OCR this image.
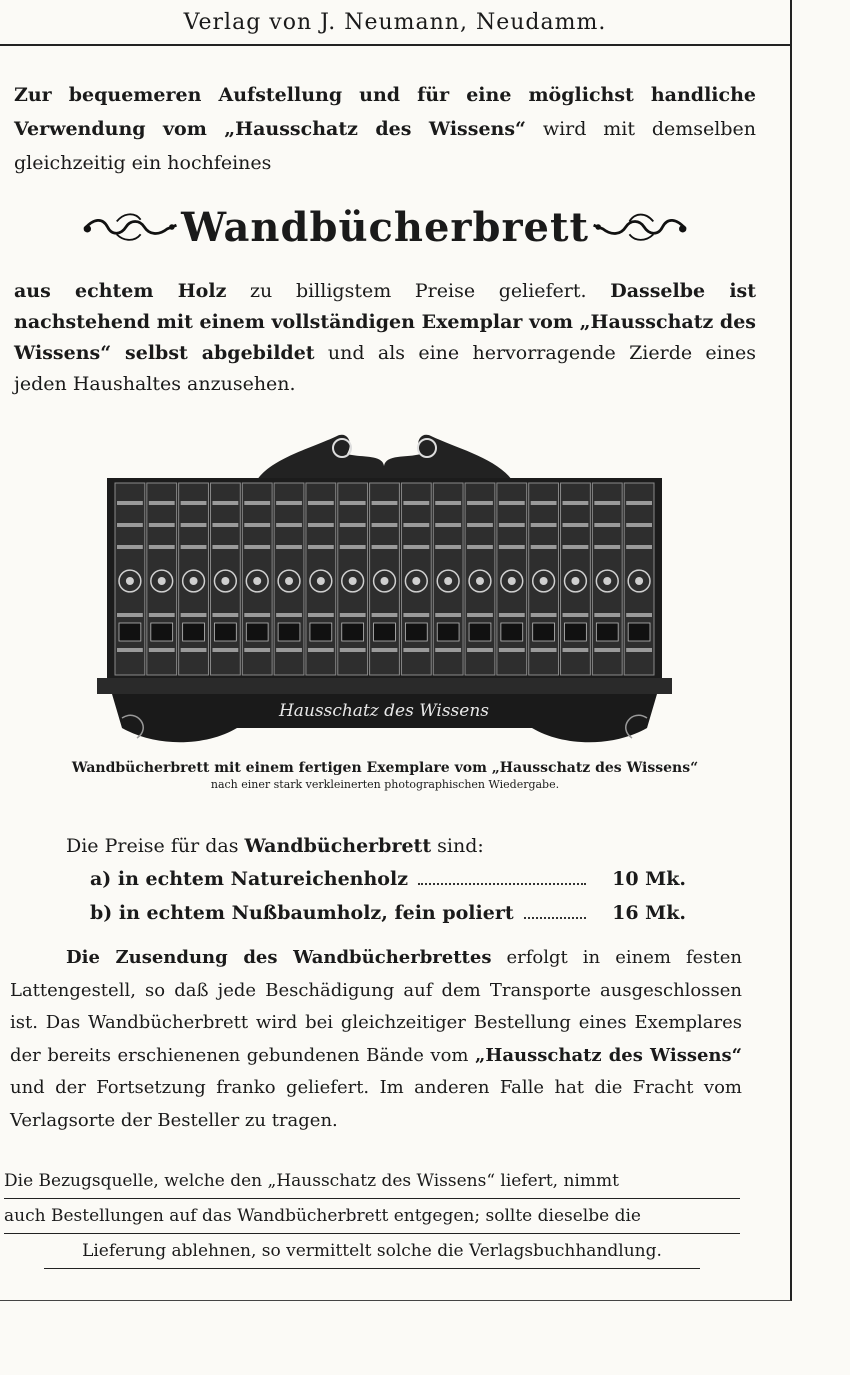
Verlag von J. Neumann, Neudamm.
Zur bequemeren Aufstellung und für eine möglichst handliche Verwendung vom „Hausschatz des Wissens“ wird mit demselben gleichzeitig ein hochfeines
Wandbücherbrett
aus echtem Holz zu billigstem Preise geliefert. Dasselbe ist nachstehend mit einem vollständigen Exemplar vom „Hausschatz des Wissens“ selbst abgebildet und als eine hervorragende Zierde eines jeden Haushaltes anzusehen.
Hausschatz des Wissens
Wandbücherbrett mit einem fertigen Exemplare vom „Hausschatz des Wissens“
nach einer stark verkleinerten photographischen Wiedergabe.
Die Preise für das Wandbücherbrett sind:
a) in echtem Natureichenholz	10 Mk.
b) in echtem Nußbaumholz, fein poliert	16 Mk.
Die Zusendung des Wandbücherbrettes erfolgt in einem festen Lattengestell, so daß jede Beschädigung auf dem Transporte ausgeschlossen ist. Das Wandbücherbrett wird bei gleichzeitiger Bestellung eines Exemplares der bereits erschienenen gebundenen Bände vom „Hausschatz des Wissens“ und der Fortsetzung franko geliefert. Im anderen Falle hat die Fracht vom Verlagsorte der Besteller zu tragen.
Die Bezugsquelle, welche den „Hausschatz des Wissens“ liefert, nimmt
auch Bestellungen auf das Wandbücherbrett entgegen; sollte dieselbe die
Lieferung ablehnen, so vermittelt solche die Verlagsbuchhandlung.
